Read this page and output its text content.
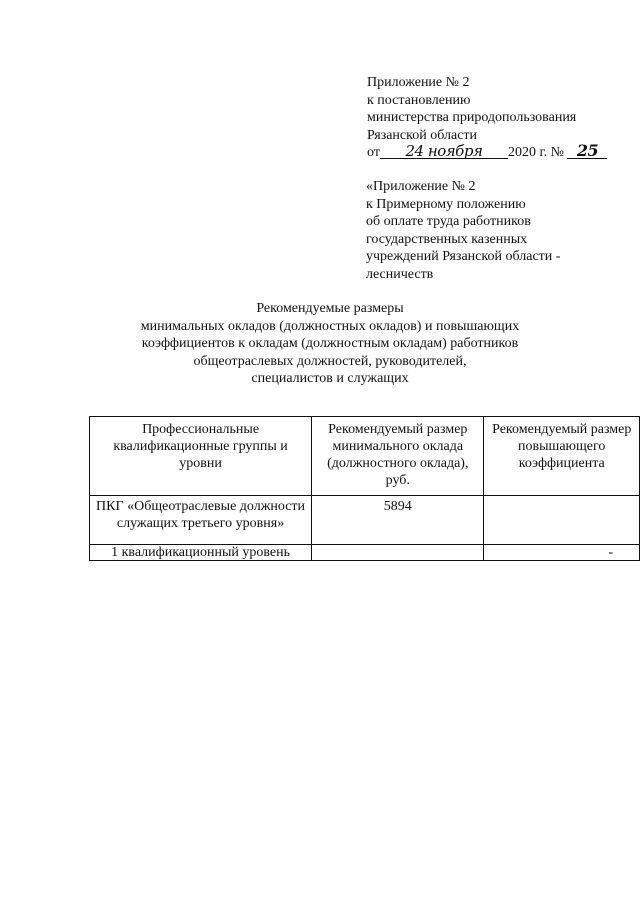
Приложение № 2
к постановлению
министерства природопользования
Рязанской области
от 24 ноября 2020 г. № 25
«Приложение № 2
к Примерному положению
об оплате труда работников
государственных казенных
учреждений Рязанской области -
лесничеств
Рекомендуемые размеры
минимальных окладов (должностных окладов) и повышающих
коэффициентов к окладам (должностным окладам) работников
общеотраслевых должностей, руководителей,
специалистов и служащих
Профессиональные квалификационные группы и уровни	Рекомендуемый размер минимального оклада (должностного оклада), руб.	Рекомендуемый размер повышающего коэффициента
ПКГ «Общеотраслевые должности служащих третьего уровня»	5894	
1 квалификационный уровень		-
